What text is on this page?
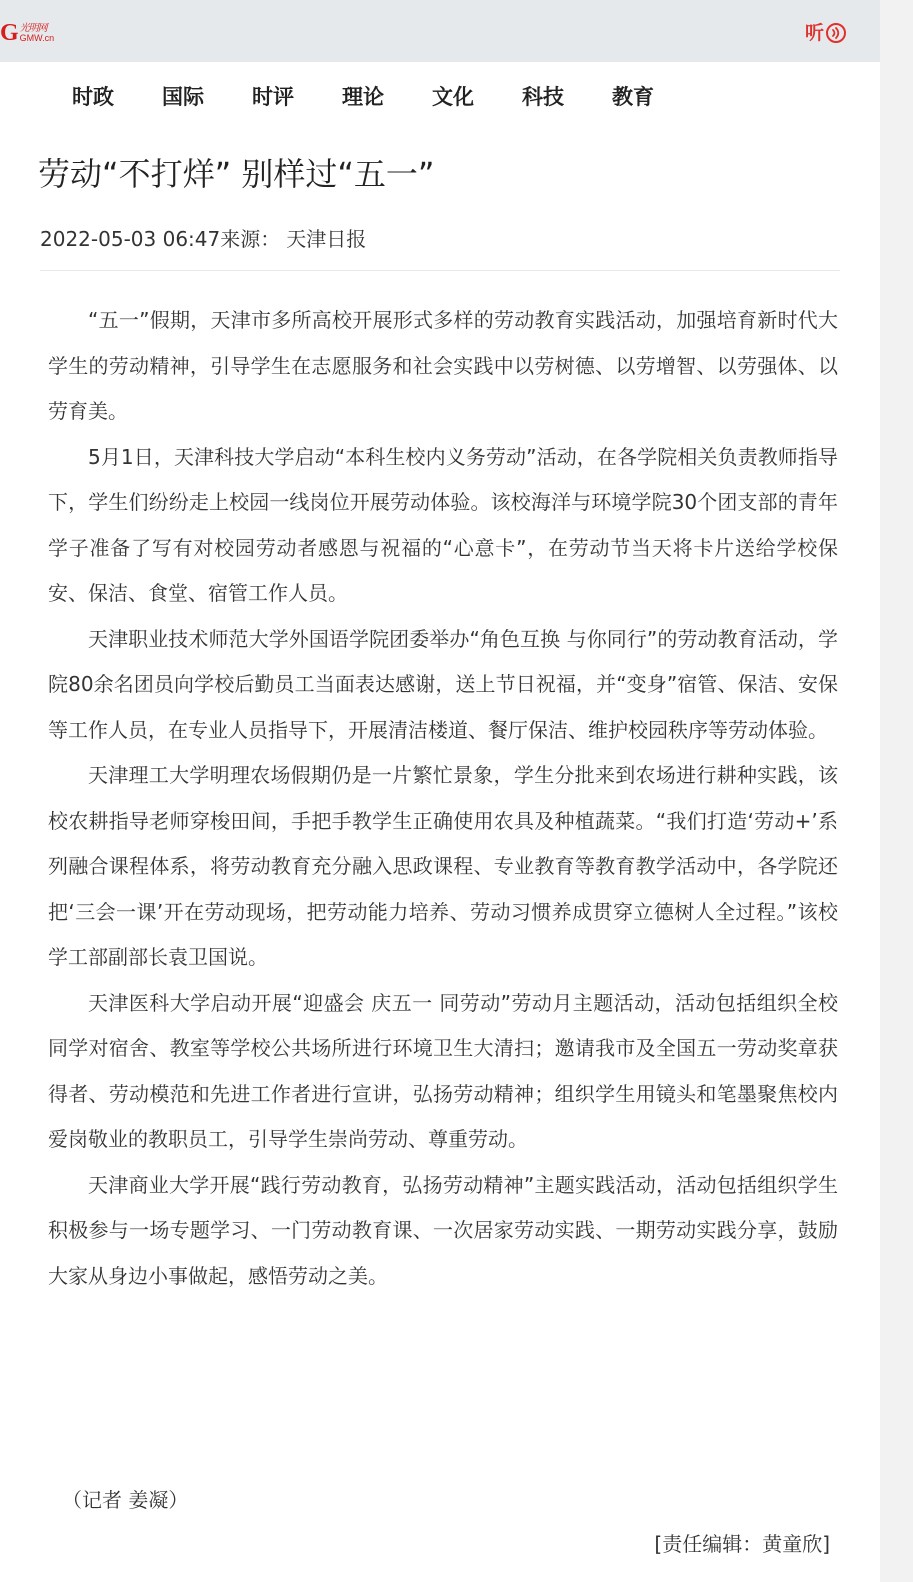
G 光明网
GMW.cn	听
时政 国际 时评 理论 文化 科技 教育
劳动“不打烊” 别样过“五一”
2022-05-03 06:47来源： 天津日报

“五一”假期，天津市多所高校开展形式多样的劳动教育实践活动，加强培育新时代大学生的劳动精神，引导学生在志愿服务和社会实践中以劳树德、以劳增智、以劳强体、以劳育美。

5月1日，天津科技大学启动“本科生校内义务劳动”活动，在各学院相关负责教师指导下，学生们纷纷走上校园一线岗位开展劳动体验。该校海洋与环境学院30个团支部的青年学子准备了写有对校园劳动者感恩与祝福的“心意卡”，在劳动节当天将卡片送给学校保安、保洁、食堂、宿管工作人员。

天津职业技术师范大学外国语学院团委举办“角色互换 与你同行”的劳动教育活动，学院80余名团员向学校后勤员工当面表达感谢，送上节日祝福，并“变身”宿管、保洁、安保等工作人员，在专业人员指导下，开展清洁楼道、餐厅保洁、维护校园秩序等劳动体验。

天津理工大学明理农场假期仍是一片繁忙景象，学生分批来到农场进行耕种实践，该校农耕指导老师穿梭田间，手把手教学生正确使用农具及种植蔬菜。“我们打造‘劳动+’系列融合课程体系，将劳动教育充分融入思政课程、专业教育等教育教学活动中，各学院还把‘三会一课’开在劳动现场，把劳动能力培养、劳动习惯养成贯穿立德树人全过程。”该校学工部副部长袁卫国说。

天津医科大学启动开展“迎盛会 庆五一 同劳动”劳动月主题活动，活动包括组织全校同学对宿舍、教室等学校公共场所进行环境卫生大清扫；邀请我市及全国五一劳动奖章获得者、劳动模范和先进工作者进行宣讲，弘扬劳动精神；组织学生用镜头和笔墨聚焦校内爱岗敬业的教职员工，引导学生崇尚劳动、尊重劳动。

天津商业大学开展“践行劳动教育，弘扬劳动精神”主题实践活动，活动包括组织学生积极参与一场专题学习、一门劳动教育课、一次居家劳动实践、一期劳动实践分享，鼓励大家从身边小事做起，感悟劳动之美。

（记者 姜凝）
[责任编辑：黄童欣]
